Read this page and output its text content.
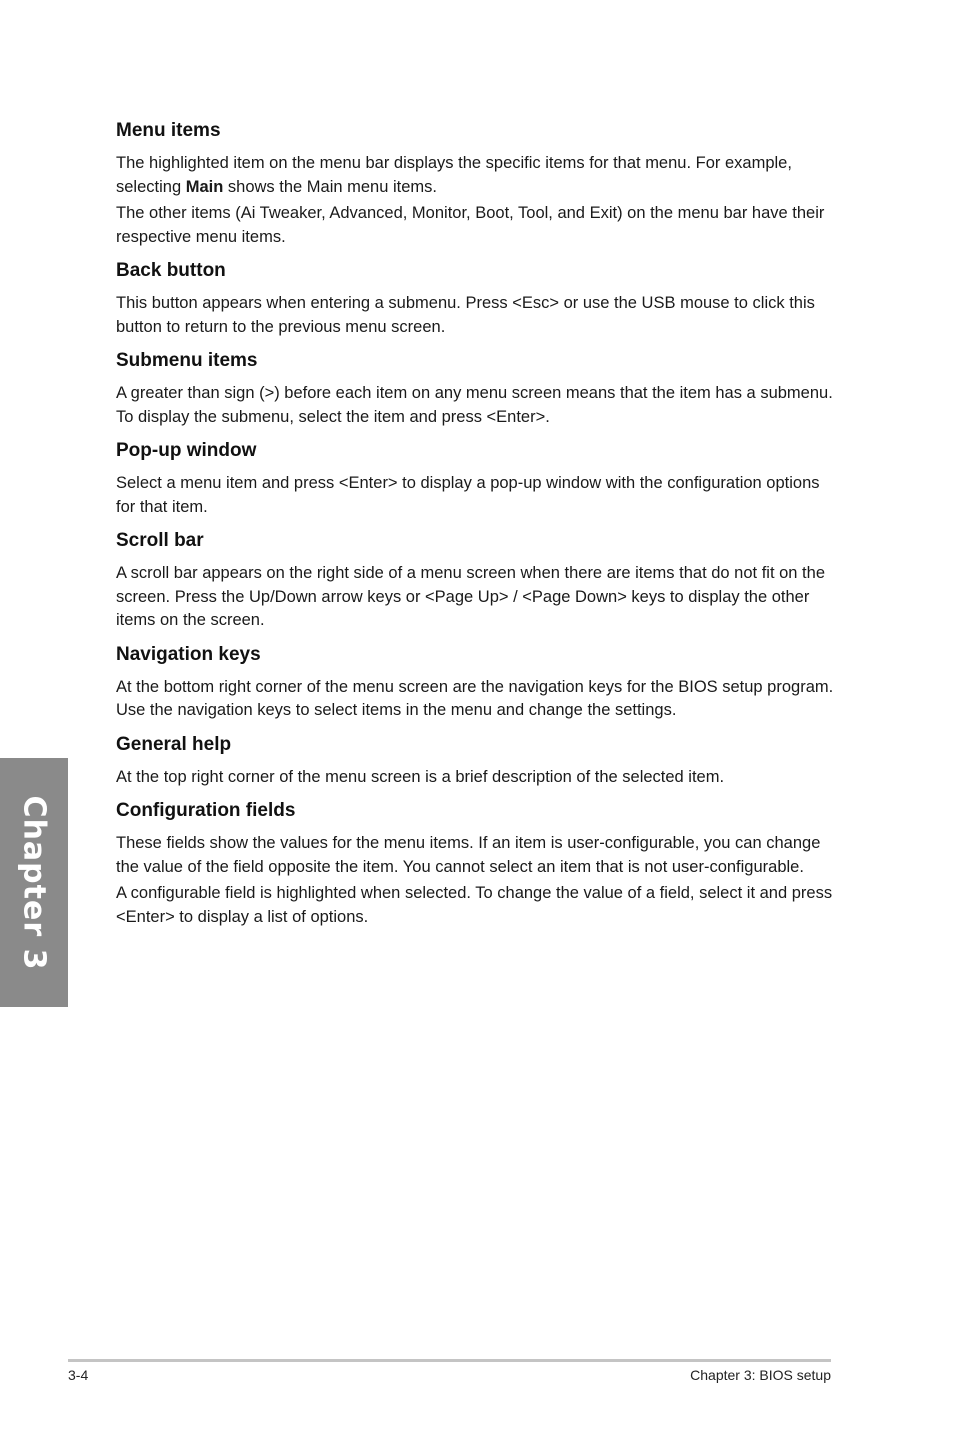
Menu items

The highlighted item on the menu bar displays the specific items for that menu. For example, selecting Main shows the Main menu items.

The other items (Ai Tweaker, Advanced, Monitor, Boot, Tool, and Exit) on the menu bar have their respective menu items.

Back button

This button appears when entering a submenu. Press <Esc> or use the USB mouse to click this button to return to the previous menu screen.

Submenu items

A greater than sign (>) before each item on any menu screen means that the item has a submenu. To display the submenu, select the item and press <Enter>.

Pop-up window

Select a menu item and press <Enter> to display a pop-up window with the configuration options for that item.

Scroll bar

A scroll bar appears on the right side of a menu screen when there are items that do not fit on the screen. Press the Up/Down arrow keys or <Page Up> / <Page Down> keys to display the other items on the screen.

Navigation keys

At the bottom right corner of the menu screen are the navigation keys for the BIOS setup program. Use the navigation keys to select items in the menu and change the settings.

General help

At the top right corner of the menu screen is a brief description of the selected item.

Configuration fields

These fields show the values for the menu items. If an item is user-configurable, you can change the value of the field opposite the item. You cannot select an item that is not user-configurable.

A configurable field is highlighted when selected. To change the value of a field, select it and press <Enter> to display a list of options.

Chapter 3
3-4	Chapter 3: BIOS setup
